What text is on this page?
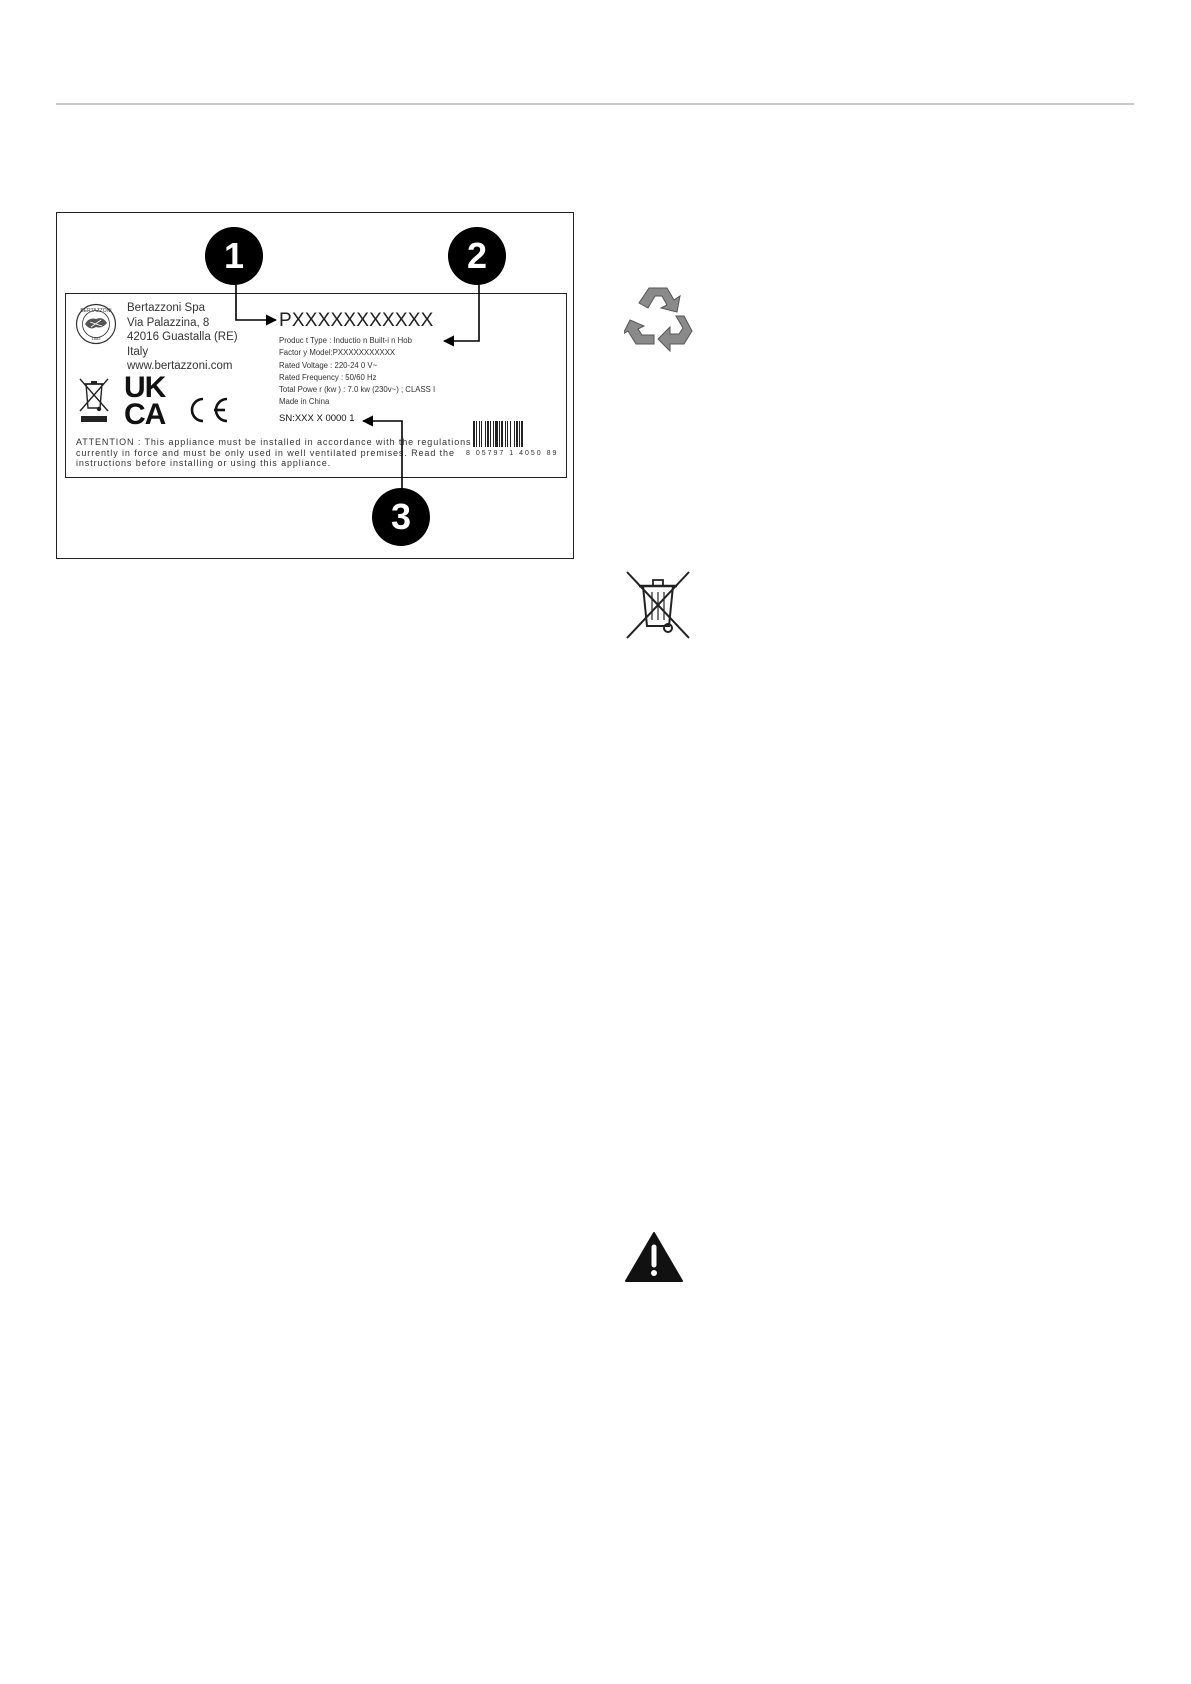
BERTAZZONI
1882
Bertazzoni Spa
Via Palazzina, 8
42016 Guastalla (RE)
Italy
www.bertazzoni.com
PXXXXXXXXXXX
Produc t Type : Inductio n Built-i n Hob
Factor y Model:PXXXXXXXXXXX
Rated Voltage : 220-24 0 V~
Rated Frequency : 50/60 Hz
Total Powe r (kw ) : 7.0 kw (230v~) ; CLASS I
Made in China
SN:XXX X 0000 1
UK
CA
ATTENTION : This appliance must be installed in accordance with the regulations currently in force and must be only used in well ventilated premises. Read the instructions before installing or using this appliance.
8 05797 1 4050 89
1	2
3
